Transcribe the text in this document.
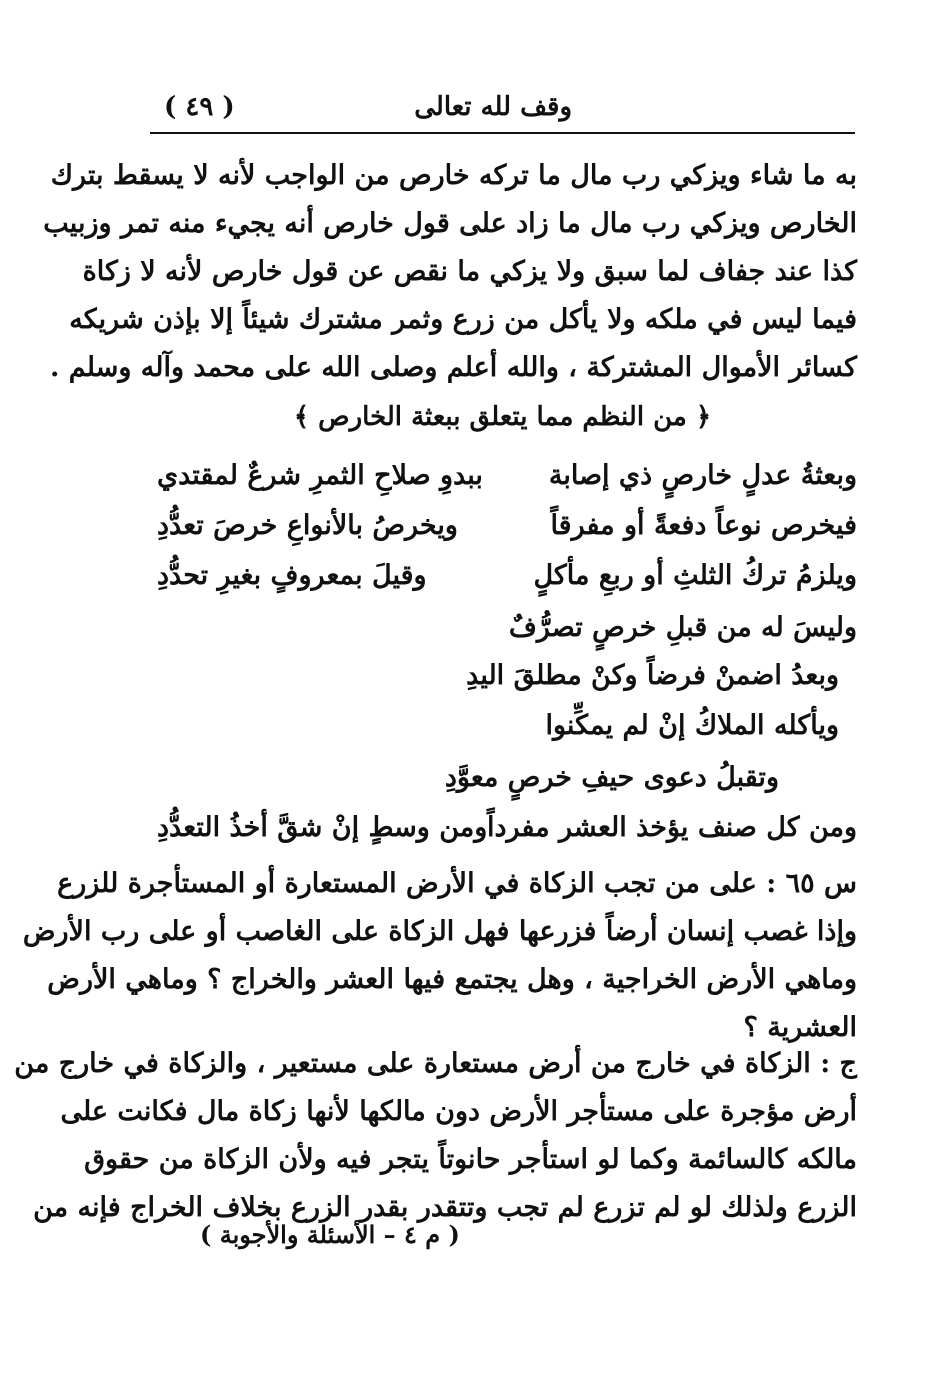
وقف لله تعالى
( ٤٩ )
به ما شاء ويزكي رب مال ما تركه خارص من الواجب لأنه لا يسقط بترك
الخارص ويزكي رب مال ما زاد على قول خارص أنه يجيء منه تمر وزبيب
كذا عند جفاف لما سبق ولا يزكي ما نقص عن قول خارص لأنه لا زكاة
فيما ليس في ملكه ولا يأكل من زرع وثمر مشترك شيئاً إلا بإذن شريكه
كسائر الأموال المشتركة ، والله أعلم وصلى الله على محمد وآله وسلم .
﴿ من النظم مما يتعلق ببعثة الخارص ﴾
وبعثةُ عدلٍ خارصٍ ذي إصابة
ببدوِ صلاحِ الثمرِ شرعٌ لمقتدي
فيخرص نوعاً دفعةً أو مفرقاً
ويخرصُ بالأنواعِ خرصَ تعدُّدِ
ويلزمُ تركُ الثلثِ أو ربعِ مأكلٍ
وقيلَ بمعروفٍ بغيرِ تحدُّدِ
وليسَ له من قبلِ خرصٍ تصرُّفٌ
وبعدُ اضمنْ فرضاً وكنْ مطلقَ اليدِ
ويأكله الملاكُ إنْ لم يمكِّنوا
وتقبلُ دعوى حيفِ خرصٍ معوَّدِ
ومن كل صنف يؤخذ العشر مفرداً
ومن وسطٍ إنْ شقَّ أخذُ التعدُّدِ
س ٦٥ : على من تجب الزكاة في الأرض المستعارة أو المستأجرة للزرع
وإذا غصب إنسان أرضاً فزرعها فهل الزكاة على الغاصب أو على رب الأرض
وماهي الأرض الخراجية ، وهل يجتمع فيها العشر والخراج ؟ وماهي الأرض
العشرية ؟
ج : الزكاة في خارج من أرض مستعارة على مستعير ، والزكاة في خارج من
أرض مؤجرة على مستأجر الأرض دون مالكها لأنها زكاة مال فكانت على
مالكه كالسائمة وكما لو استأجر حانوتاً يتجر فيه ولأن الزكاة من حقوق
الزرع ولذلك لو لم تزرع لم تجب وتتقدر بقدر الزرع بخلاف الخراج فإنه من
( م ٤ – الأسئلة والأجوبة )
